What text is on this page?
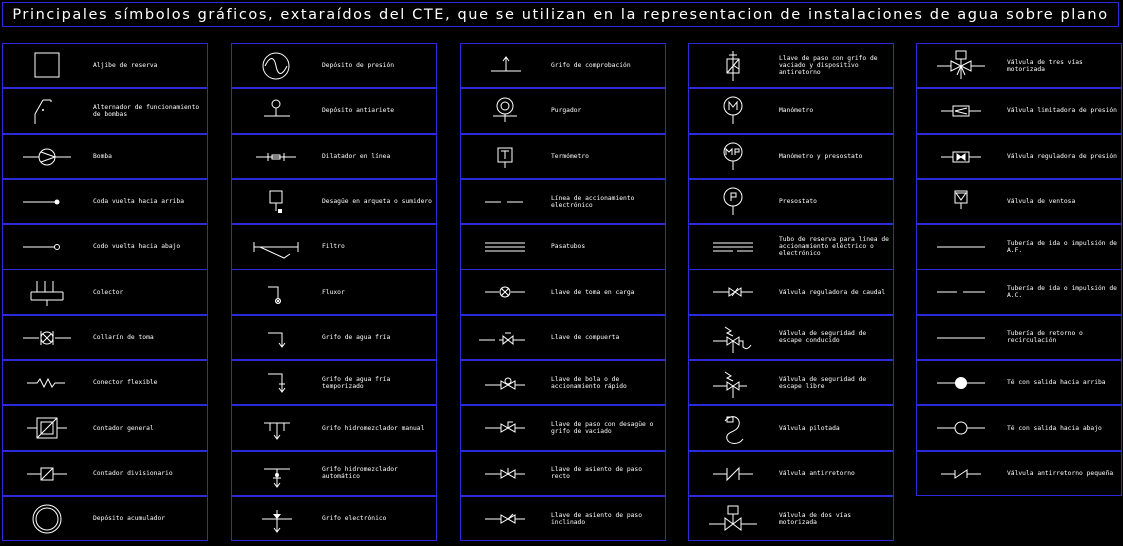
Principales símbolos gráficos, extaraídos del CTE, que se utilizan en la representacion de instalaciones de agua sobre plano
Aljibe de reserva
Alternador de funcionamiento de bombas
Bomba
Coda vuelta hacia arriba
Codo vuelta hacia abajo
Colector
Collarín de toma
Conector flexible
Contador general
Contador divisionario
Depósito acumulador
Depósito de presión
Depósito antiariete
Dilatador en línea
Desagüe en arqueta o sumidero
Filtro
Fluxor
Grifo de agua fría
Grifo de agua fría temporizado
Grifo hidromezclador manual
Grifo hidromezclador automático
Grifo electrónico
Grifo de comprobación
Purgador
Termómetro
Línea de accionamiento electrónico
Pasatubos
Llave de toma en carga
Llave de compuerta
Llave de bola o de accionamiento rápido
Llave de paso con desagüe o grifo de vaciado
Llave de asiento de paso recto
Llave de asiento de paso inclinado
Llave de paso con grifo de vaciado y dispositivo antiretorno
Manómetro
Manómetro y presostato
Presostato
Tubo de reserva para línea de accionamiento eléctrico o electrónico
Válvula reguladora de caudal
Válvula de seguridad de escape conducido
Válvula de seguridad de escape libre
Válvula pilotada
Válvula antirretorno
Válvula de dos vías motorizada
Válvula de tres vías motorizada
Válvula limitadora de presión
Válvula reguladora de presión
Válvula de ventosa
Tubería de ida o impulsión de A.F.
Tubería de ida o impulsión de A.C.
Tubería de retorno o recirculación
Té con salida hacia arriba
Té con salida hacia abajo
Válvula antirretorno pequeña
